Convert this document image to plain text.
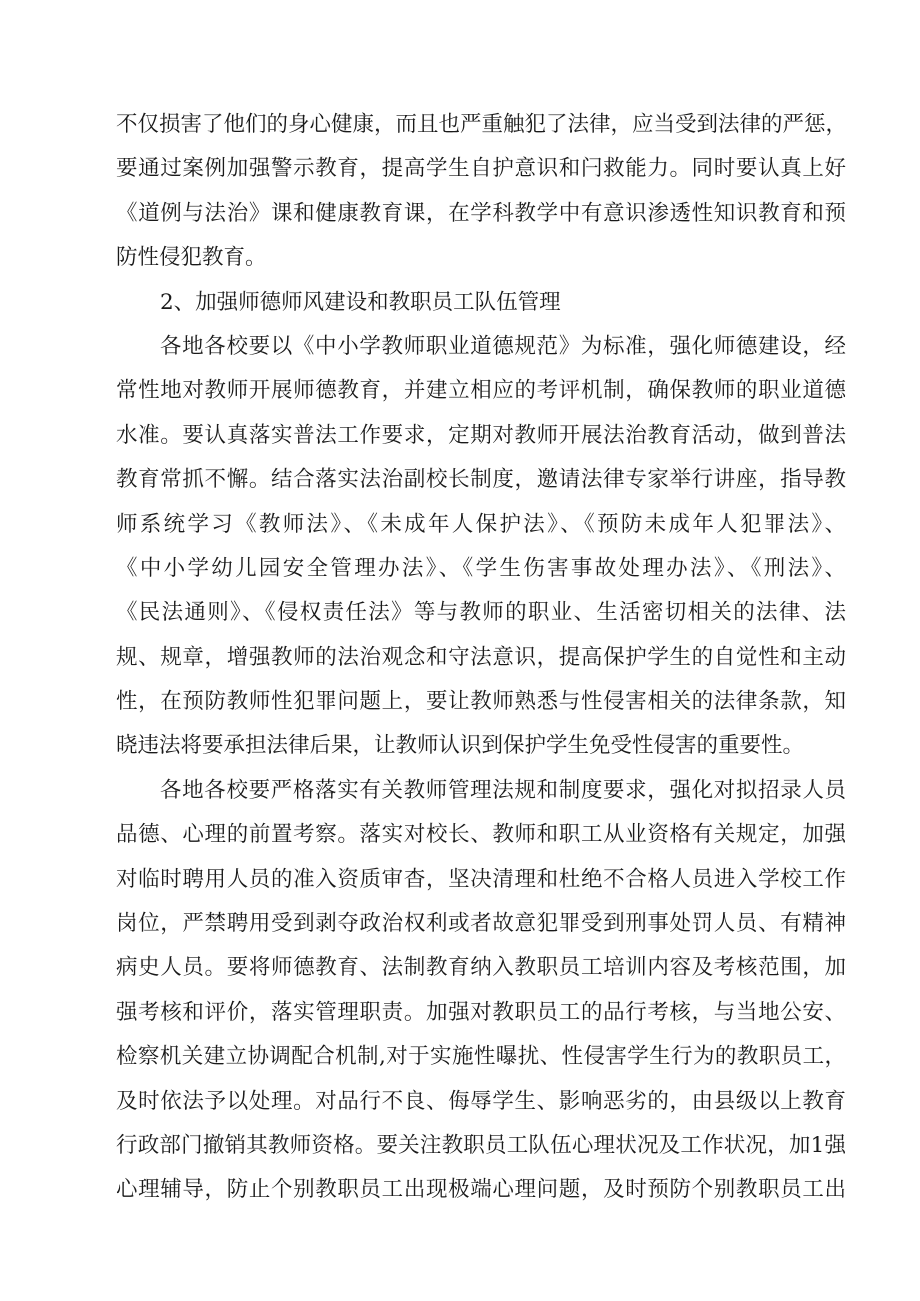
不仅损害了他们的身心健康，而且也严重触犯了法律，应当受到法律的严惩，
要通过案例加强警示教育，提高学生自护意识和闩救能力。同时要认真上好
《道例与法治》课和健康教育课，在学科教学中有意识渗透性知识教育和预
防性侵犯教育。
2、加强师德师风建设和教职员工队伍管理
各地各校要以《中小学教师职业道德规范》为标准，强化师德建设，经
常性地对教师开展师德教育，并建立相应的考评机制，确保教师的职业道德
水准。要认真落实普法工作要求，定期对教师开展法治教育活动，做到普法
教育常抓不懈。结合落实法治副校长制度，邀请法律专家举行讲座，指导教
师系统学习《教师法》、《未成年人保护法》、《预防未成年人犯罪法》、
《中小学幼儿园安全管理办法》、《学生伤害事故处理办法》、《刑法》、
《民法通则》、《侵权责任法》等与教师的职业、生活密切相关的法律、法
规、规章，增强教师的法治观念和守法意识，提高保护学生的自觉性和主动
性，在预防教师性犯罪问题上，要让教师熟悉与性侵害相关的法律条款，知
晓违法将要承担法律后果，让教师认识到保护学生免受性侵害的重要性。
各地各校要严格落实有关教师管理法规和制度要求，强化对拟招录人员
品德、心理的前置考察。落实对校长、教师和职工从业资格有关规定，加强
对临时聘用人员的准入资质审杳，坚决清理和杜绝不合格人员进入学校工作
岗位，严禁聘用受到剥夺政治权利或者故意犯罪受到刑事处罚人员、有精神
病史人员。要将师德教育、法制教育纳入教职员工培训内容及考核范围，加
强考核和评价，落实管理职责。加强对教职员工的品行考核，与当地公安、
检察机关建立协调配合机制,对于实施性曝扰、性侵害学生行为的教职员工，
及时依法予以处理。对品行不良、侮辱学生、影响恶劣的，由县级以上教育
行政部门撤销其教师资格。要关注教职员工队伍心理状况及工作状况，加1强
心理辅导，防止个别教职员工出现极端心理问题，及时预防个别教职员工出
